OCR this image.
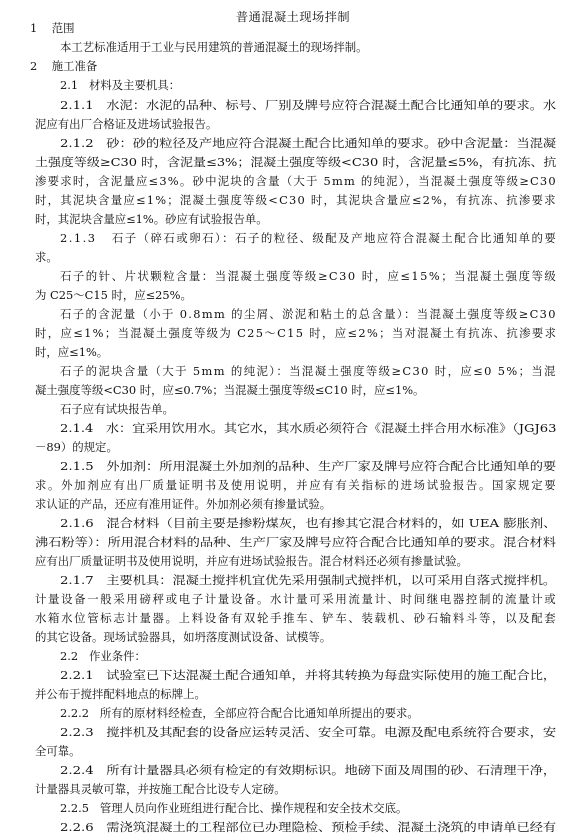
普通混凝土现场拌制
1    范围
本工艺标准适用于工业与民用建筑的普通混凝土的现场拌制。
2    施工准备
2.1   材料及主要机具：
2.1.1   水泥：水泥的品种、标号、厂别及牌号应符合混凝土配合比通知单的要求。水
泥应有出厂合格证及进场试验报告。
2.1.2   砂：砂的粒径及产地应符合混凝土配合比通知单的要求。砂中含泥量：当混凝
土强度等级≥C30 时，含泥量≤3%；混凝土强度等级<C30 时，含泥量≤5%，有抗冻、抗
渗要求时，含泥量应≤3%。砂中泥块的含量（大于 5mm 的纯泥），当混凝土强度等级≥C30
时，其泥块含量应≤1%；混凝土强度等级<C30 时，其泥块含量应≤2%，有抗冻、抗渗要求
时，其泥块含量应≤1%。砂应有试验报告单。
2.1.3   石子（碎石或卵石）：石子的粒径、级配及产地应符合混凝土配合比通知单的要
求。
石子的针、片状颗粒含量：当混凝土强度等级≥C30 时，应≤15%；当混凝土强度等级
为 C25～C15 时，应≤25%。
石子的含泥量（小于 0.8mm 的尘屑、淤泥和粘土的总含量）：当混凝土强度等级≥C30
时，应≤1%；当混凝土强度等级为 C25～C15 时，应≤2%；当对混凝土有抗冻、抗渗要求
时，应≤1%。
石子的泥块含量（大于 5mm 的纯泥）：当混凝土强度等级≥C30 时，应≤0 5%；当混
凝土强度等级<C30 时，应≤0.7%；当混凝土强度等级≤C10 时，应≤1%。
石子应有试块报告单。
2.1.4   水：宜采用饮用水。其它水，其水质必须符合《混凝土拌合用水标准》（JGJ63
－89）的规定。
2.1.5   外加剂：所用混凝土外加剂的品种、生产厂家及牌号应符合配合比通知单的要
求。外加剂应有出厂质量证明书及使用说明，并应有有关指标的进场试验报告。国家规定要
求认证的产品，还应有准用证件。外加剂必须有掺量试验。
2.1.6   混合材料（目前主要是掺粉煤灰，也有掺其它混合材料的，如 UEA 膨胀剂、
沸石粉等）：所用混合材料的品种、生产厂家及牌号应符合配合比通知单的要求。混合材料
应有出厂质量证明书及使用说明，并应有进场试验报告。混合材料还必须有掺量试验。
2.1.7   主要机具：混凝土搅拌机宜优先采用强制式搅拌机，以可采用自落式搅拌机。
计量设备一般采用磅秤或电子计量设备。水计量可采用流量计、时间继电器控制的流量计或
水箱水位管标志计量器。上料设备有双轮手推车、铲车、装载机、砂石输料斗等，以及配套
的其它设备。现场试验器具，如坍落度测试设备、试模等。
2.2   作业条件：
2.2.1   试验室已下达混凝土配合通知单，并将其转换为每盘实际使用的施工配合比，
并公布于搅拌配料地点的标牌上。
2.2.2   所有的原材料经检查，全部应符合配合比通知单所提出的要求。
2.2.3   搅拌机及其配套的设备应运转灵活、安全可靠。电源及配电系统符合要求，安
全可靠。
2.2.4   所有计量器具必须有检定的有效期标识。地磅下面及周围的砂、石清理干净，
计量器具灵敏可靠，并按施工配合比设专人定磅。
2.2.5   管理人员向作业班组进行配合比、操作规程和安全技术交底。
2.2.6   需浇筑混凝土的工程部位已办理隐检、预检手续、混凝土浇筑的申请单已经有
